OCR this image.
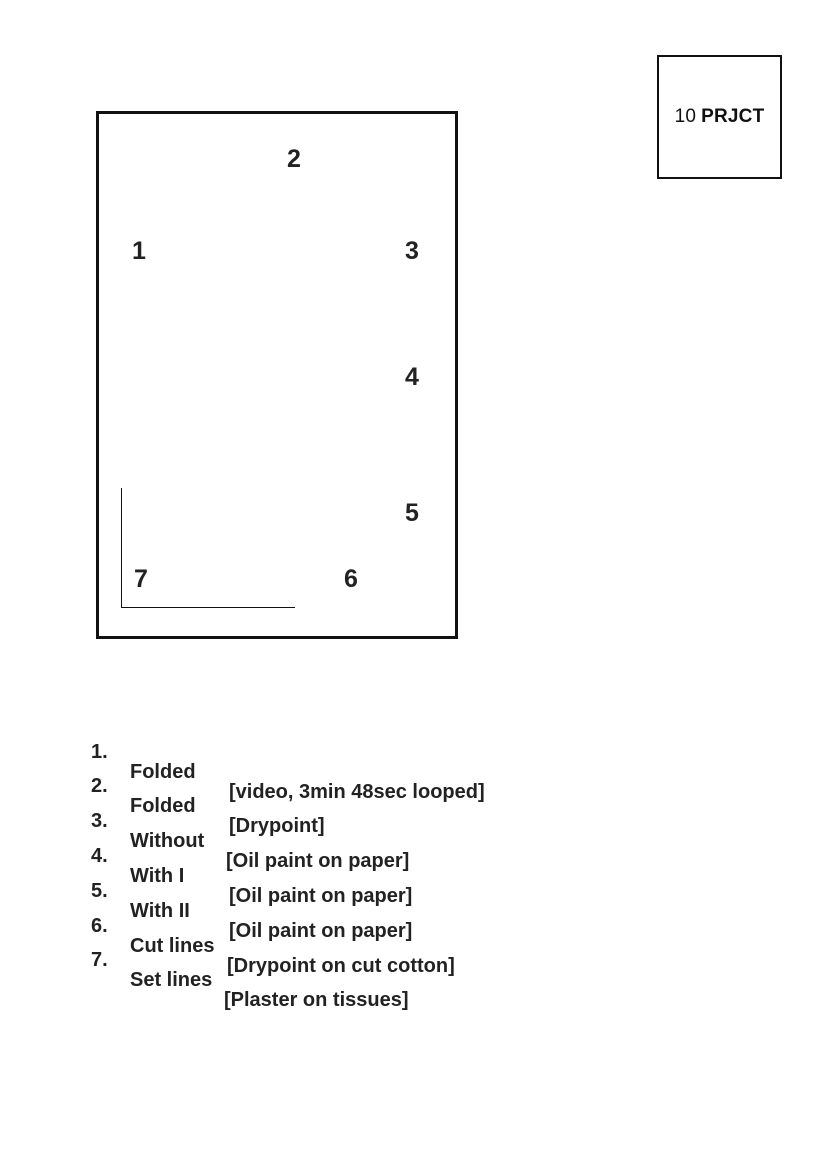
10 PRJCT
2
1	3
4
5
6
7

1.

Folded

[video, 3min 48sec looped]

2.

Folded

[Drypoint]

3.

Without

[Oil paint on paper]

4.

With I

[Oil paint on paper]

5.

With II

[Oil paint on paper]

6.

Cut lines

[Drypoint on cut cotton]

7.

Set lines

[Plaster on tissues]
